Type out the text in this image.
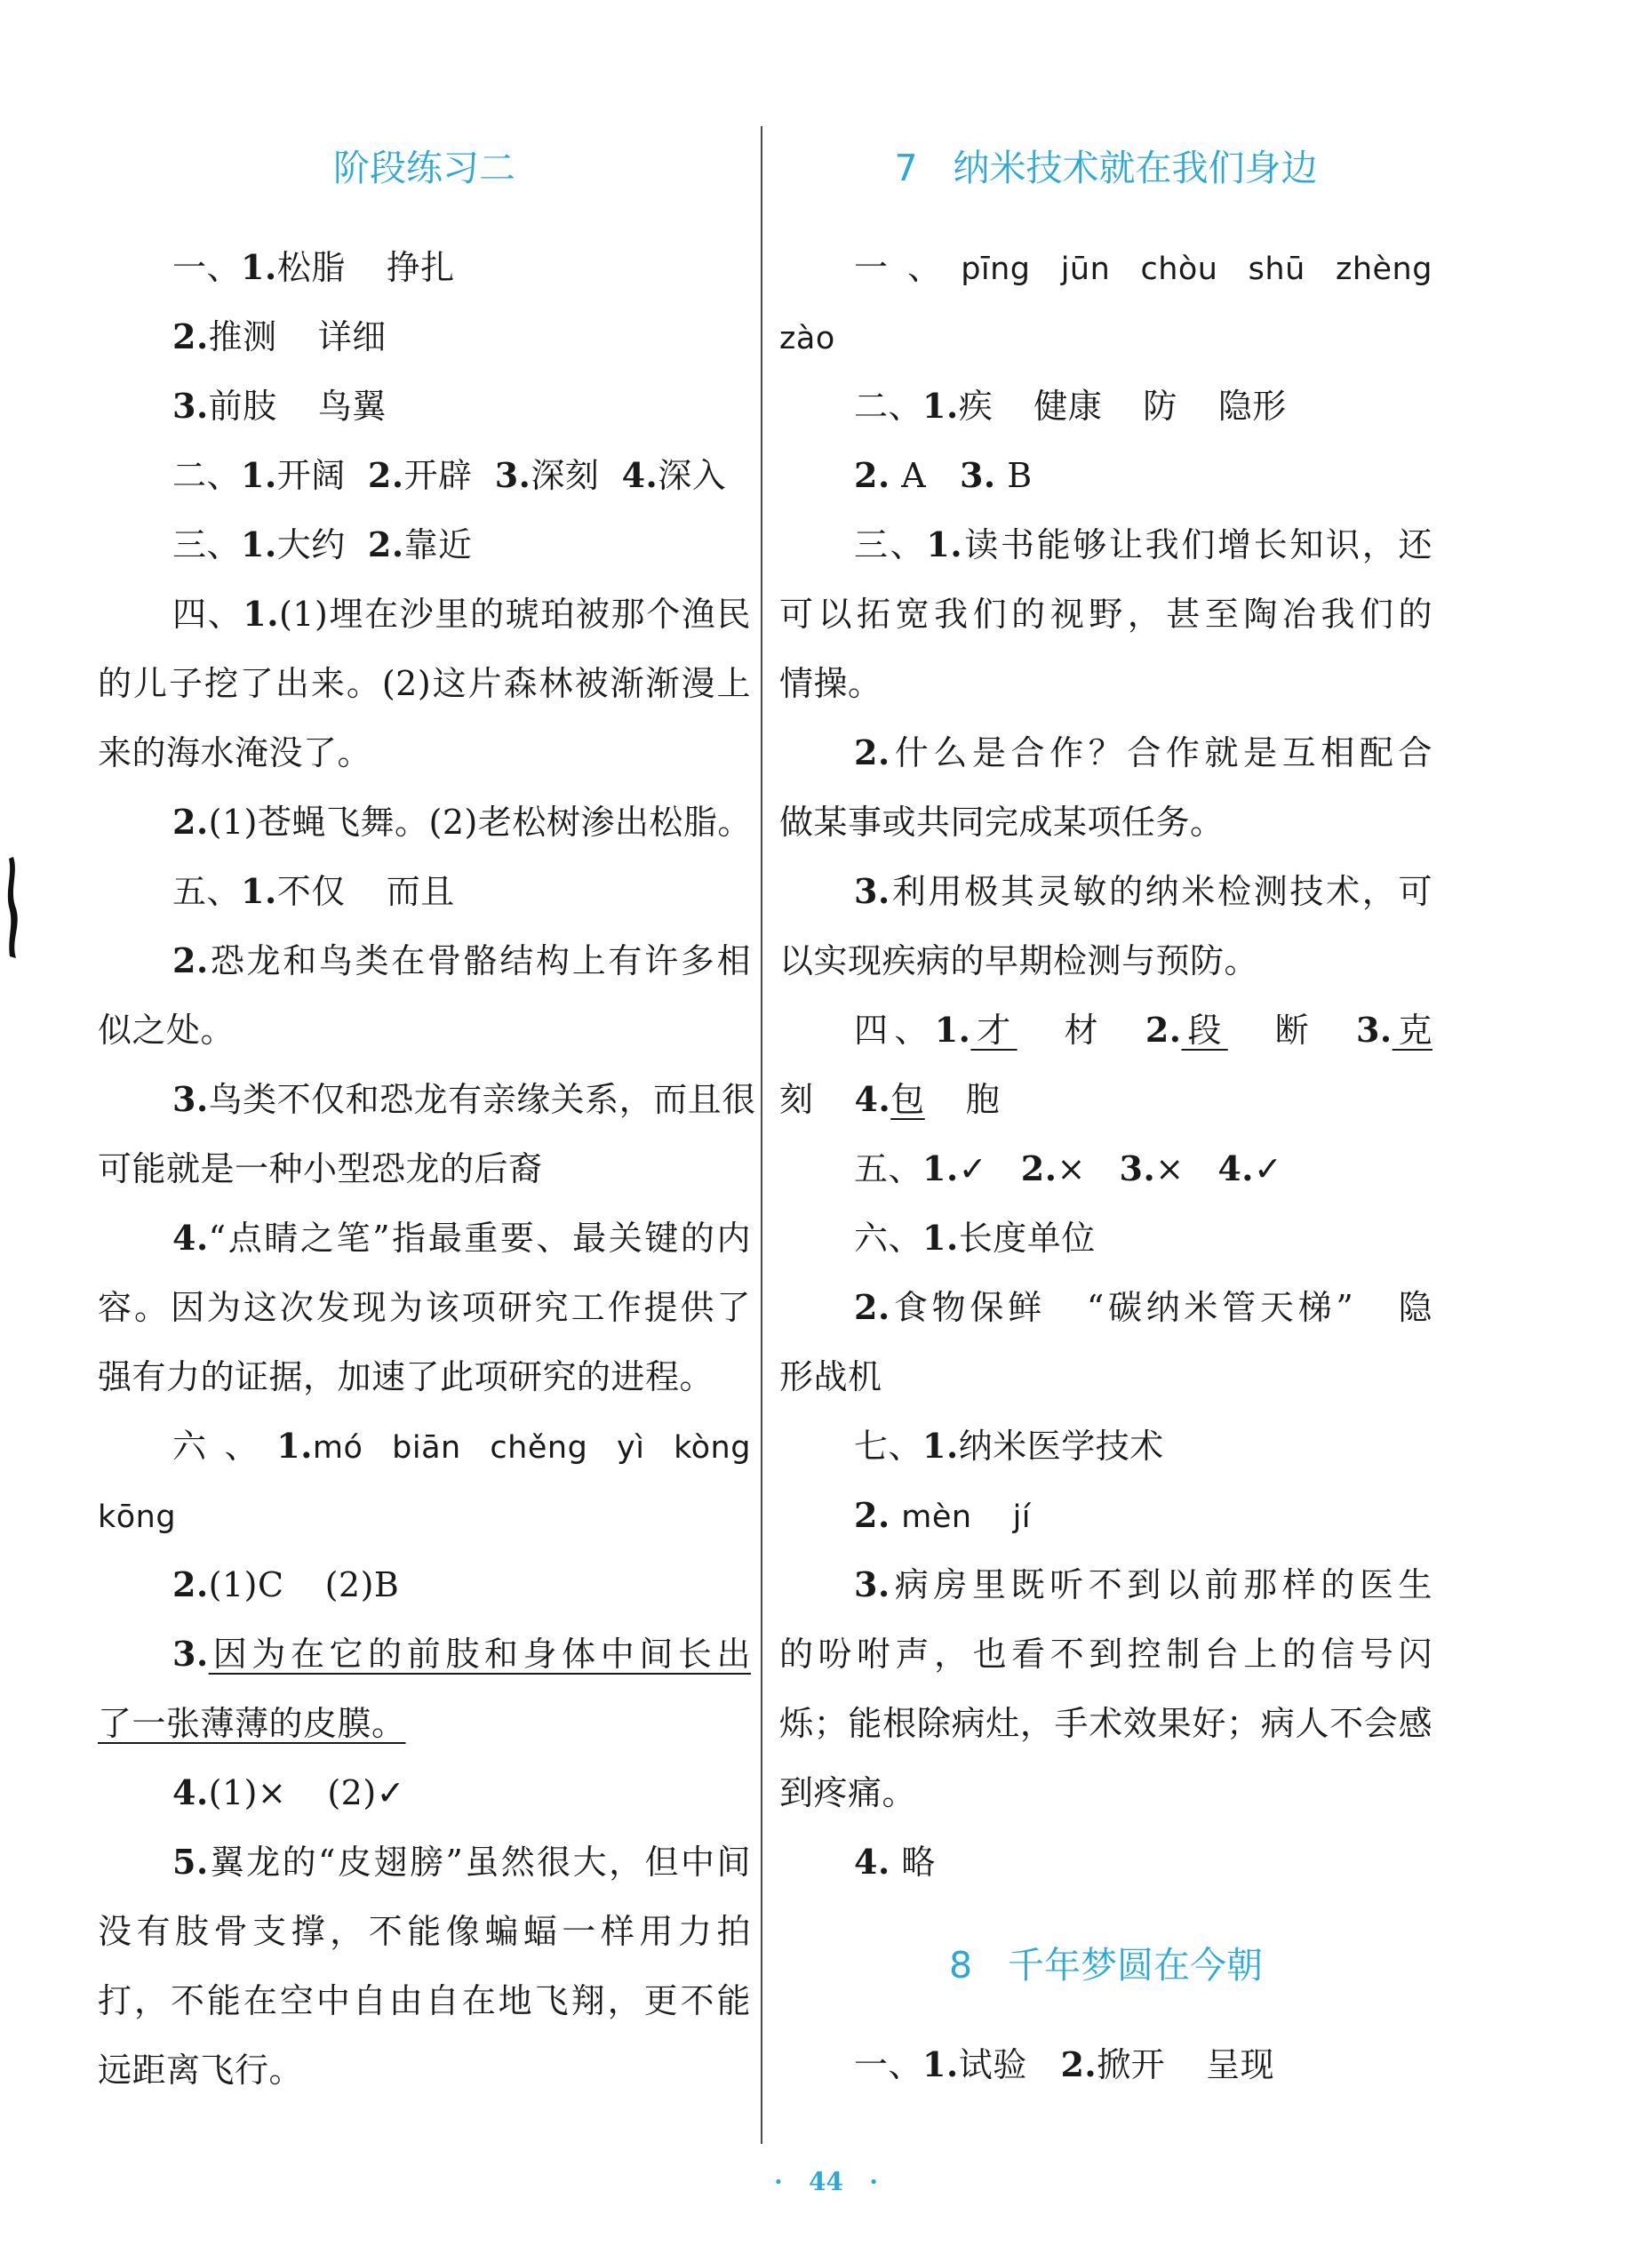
阶段练习二
一、1.松脂 挣扎
2.推测 详细
3.前肢 鸟翼
二、1.开阔 2.开辟 3.深刻 4.深入
三、1.大约 2.靠近
四、1.(1)埋在沙里的琥珀被那个渔民
的儿子挖了出来。(2)这片森林被渐渐漫上
来的海水淹没了。
2.(1)苍蝇飞舞。(2)老松树渗出松脂。
五、1.不仅 而且
2.恐龙和鸟类在骨骼结构上有许多相
似之处。
3.鸟类不仅和恐龙有亲缘关系，而且很
可能就是一种小型恐龙的后裔
4.“点睛之笔”指最重要、最关键的内
容。因为这次发现为该项研究工作提供了
强有力的证据，加速了此项研究的进程。
六、1.mó biān chěng yì kòng
kōng
2.(1)C (2)B
3.因为在它的前肢和身体中间长出
了一张薄薄的皮膜。
4.(1)× (2)✓
5.翼龙的“皮翅膀”虽然很大，但中间
没有肢骨支撑，不能像蝙蝠一样用力拍
打，不能在空中自由自在地飞翔，更不能
远距离飞行。
7 纳米技术就在我们身边
一、pīng jūn chòu shū zhèng
zào
二、1.疾 健康 防 隐形
2. A 3. B
三、1.读书能够让我们增长知识，还
可以拓宽我们的视野，甚至陶冶我们的
情操。
2.什么是合作？合作就是互相配合
做某事或共同完成某项任务。
3.利用极其灵敏的纳米检测技术，可
以实现疾病的早期检测与预防。
四、1.才 材 2.段 断 3.克
刻 4.包 胞
五、1.✓ 2.× 3.× 4.✓
六、1.长度单位
2.食物保鲜 “碳纳米管天梯” 隐
形战机
七、1.纳米医学技术
2. mèn jí
3.病房里既听不到以前那样的医生
的吩咐声，也看不到控制台上的信号闪
烁；能根除病灶，手术效果好；病人不会感
到疼痛。
4. 略
8 千年梦圆在今朝
一、1.试验 2.掀开 呈现
· 44 ·
